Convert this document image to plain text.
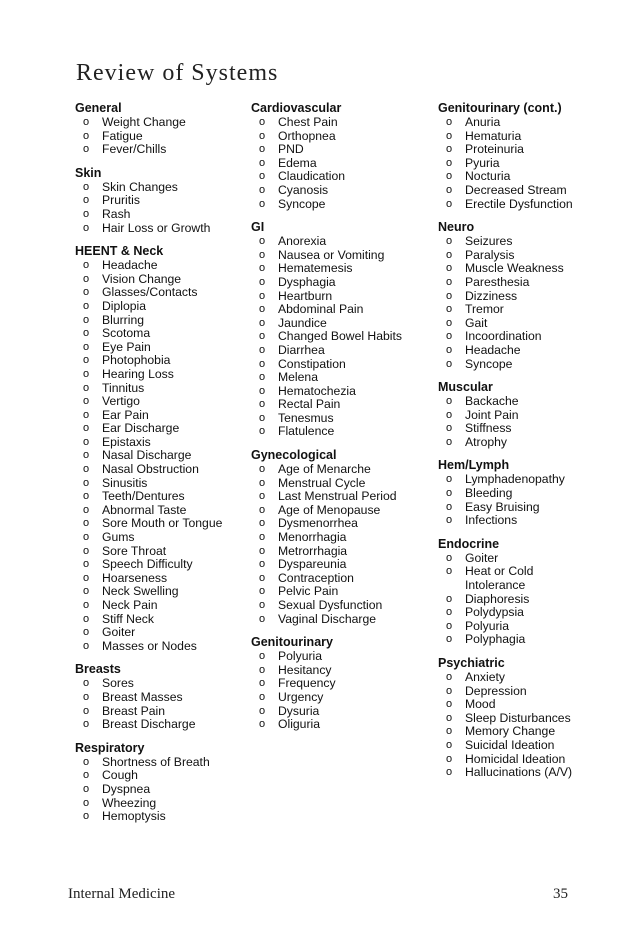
Review of Systems
General
o	Weight Change
o	Fatigue
o	Fever/Chills
Skin
o	Skin Changes
o	Pruritis
o	Rash
o	Hair Loss or Growth
HEENT & Neck
o	Headache
o	Vision Change
o	Glasses/Contacts
o	Diplopia
o	Blurring
o	Scotoma
o	Eye Pain
o	Photophobia
o	Hearing Loss
o	Tinnitus
o	Vertigo
o	Ear Pain
o	Ear Discharge
o	Epistaxis
o	Nasal Discharge
o	Nasal Obstruction
o	Sinusitis
o	Teeth/Dentures
o	Abnormal Taste
o	Sore Mouth or Tongue
o	Gums
o	Sore Throat
o	Speech Difficulty
o	Hoarseness
o	Neck Swelling
o	Neck Pain
o	Stiff Neck
o	Goiter
o	Masses or Nodes
Breasts
o	Sores
o	Breast Masses
o	Breast Pain
o	Breast Discharge
Respiratory
o	Shortness of Breath
o	Cough
o	Dyspnea
o	Wheezing
o	Hemoptysis
Cardiovascular
o	Chest Pain
o	Orthopnea
o	PND
o	Edema
o	Claudication
o	Cyanosis
o	Syncope
GI
o	Anorexia
o	Nausea or Vomiting
o	Hematemesis
o	Dysphagia
o	Heartburn
o	Abdominal Pain
o	Jaundice
o	Changed Bowel Habits
o	Diarrhea
o	Constipation
o	Melena
o	Hematochezia
o	Rectal Pain
o	Tenesmus
o	Flatulence
Gynecological
o	Age of Menarche
o	Menstrual Cycle
o	Last Menstrual Period
o	Age of Menopause
o	Dysmenorrhea
o	Menorrhagia
o	Metrorrhagia
o	Dyspareunia
o	Contraception
o	Pelvic Pain
o	Sexual Dysfunction
o	Vaginal Discharge
Genitourinary
o	Polyuria
o	Hesitancy
o	Frequency
o	Urgency
o	Dysuria
o	Oliguria
Genitourinary (cont.)
o	Anuria
o	Hematuria
o	Proteinuria
o	Pyuria
o	Nocturia
o	Decreased Stream
o	Erectile Dysfunction
Neuro
o	Seizures
o	Paralysis
o	Muscle Weakness
o	Paresthesia
o	Dizziness
o	Tremor
o	Gait
o	Incoordination
o	Headache
o	Syncope
Muscular
o	Backache
o	Joint Pain
o	Stiffness
o	Atrophy
Hem/Lymph
o	Lymphadenopathy
o	Bleeding
o	Easy Bruising
o	Infections
Endocrine
o	Goiter
o	Heat or Cold Intolerance
o	Diaphoresis
o	Polydypsia
o	Polyuria
o	Polyphagia
Psychiatric
o	Anxiety
o	Depression
o	Mood
o	Sleep Disturbances
o	Memory Change
o	Suicidal Ideation
o	Homicidal Ideation
o	Hallucinations (A/V)
Internal Medicine	35
